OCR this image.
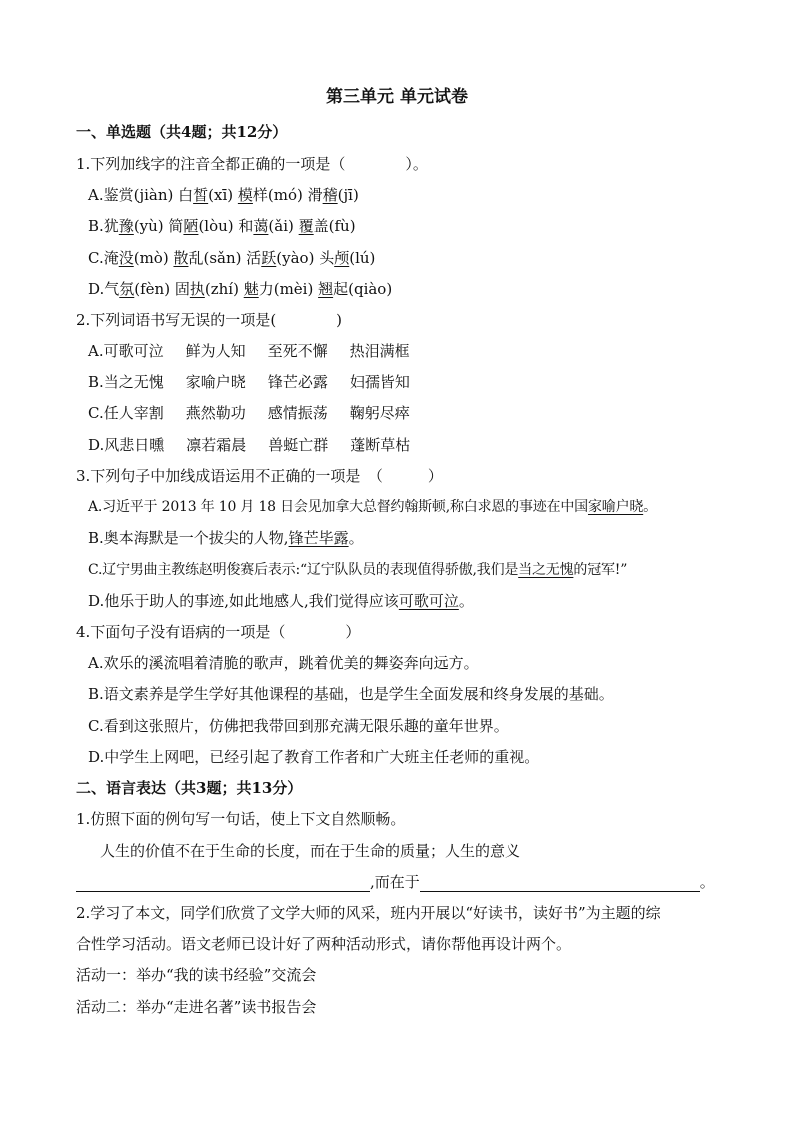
第三单元 单元试卷
一、单选题（共4题；共12分）
1.下列加线字的注音全都正确的一项是（　　　　）。
A.鉴赏(jiàn) 白皙(xī) 模样(mó) 滑稽(jī)
B.犹豫(yù) 简陋(lòu) 和蔼(ǎi) 覆盖(fù)
C.淹没(mò) 散乱(sǎn) 活跃(yào) 头颅(lú)
D.气氛(fèn) 固执(zhí) 魅力(mèi) 翘起(qiào)
2.下列词语书写无误的一项是(　　　　)
A.可歌可泣 鲜为人知 至死不懈 热泪满框
B.当之无愧 家喻户晓 锋芒必露 妇孺皆知
C.任人宰割 燕然勒功 感情振荡 鞠躬尽瘁
D.风悲日曛 凛若霜晨 兽蜓亡群 蓬断草枯
3.下列句子中加线成语运用不正确的一项是　（　　　）
A.习近平于 2013 年 10 月 18 日会见加拿大总督约翰斯顿,称白求恩的事迹在中国家喻户晓。
B.奥本海默是一个拔尖的人物,锋芒毕露。
C.辽宁男曲主教练赵明俊赛后表示:“辽宁队队员的表现值得骄傲,我们是当之无愧的冠军!”
D.他乐于助人的事迹,如此地感人,我们觉得应该可歌可泣。
4.下面句子没有语病的一项是（　　　　）
A.欢乐的溪流唱着清脆的歌声，跳着优美的舞姿奔向远方。
B.语文素养是学生学好其他课程的基础，也是学生全面发展和终身发展的基础。
C.看到这张照片，仿佛把我带回到那充满无限乐趣的童年世界。
D.中学生上网吧，已经引起了教育工作者和广大班主任老师的重视。
二、语言表达（共3题；共13分）
1.仿照下面的例句写一句话，使上下文自然顺畅。
人生的价值不在于生命的长度，而在于生命的质量；人生的意义
,而在于	。
2.学习了本文，同学们欣赏了文学大师的风采，班内开展以“好读书，读好书”为主题的综
合性学习活动。语文老师已设计好了两种活动形式，请你帮他再设计两个。
活动一：举办“我的读书经验”交流会
活动二：举办“走进名著”读书报告会
